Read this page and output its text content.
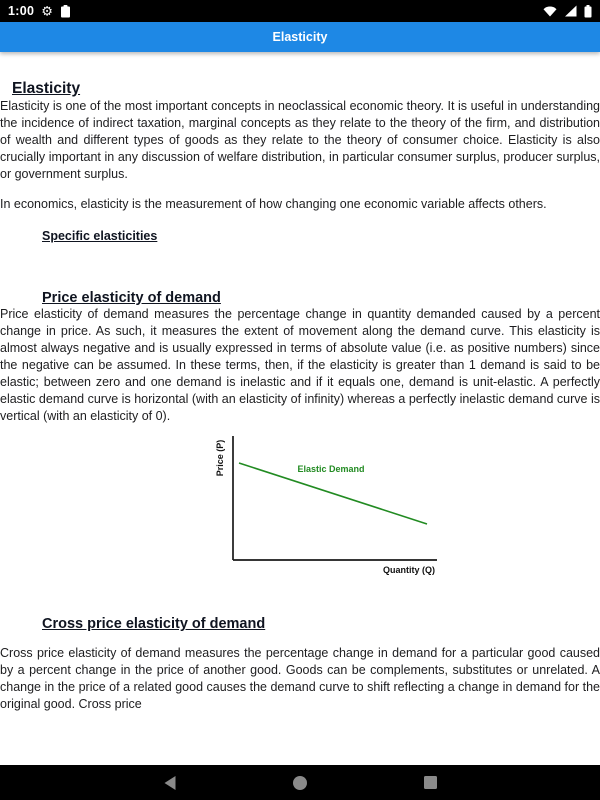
1:00 ⚙
Elasticity
Elasticity

Elasticity is one of the most important concepts in neoclassical economic theory. It is useful in understanding the incidence of indirect taxation, marginal concepts as they relate to the theory of the firm, and distribution of wealth and different types of goods as they relate to the theory of consumer choice. Elasticity is also crucially important in any discussion of welfare distribution, in particular consumer surplus, producer surplus, or government surplus.

In economics, elasticity is the measurement of how changing one economic variable affects others.

Specific elasticities
Price elasticity of demand

Price elasticity of demand measures the percentage change in quantity demanded caused by a percent change in price. As such, it measures the extent of movement along the demand curve. This elasticity is almost always negative and is usually expressed in terms of absolute value (i.e. as positive numbers) since the negative can be assumed. In these terms, then, if the elasticity is greater than 1 demand is said to be elastic; between zero and one demand is inelastic and if it equals one, demand is unit-elastic. A perfectly elastic demand curve is horizontal (with an elasticity of infinity) whereas a perfectly inelastic demand curve is vertical (with an elasticity of 0).

Price (P)	Elastic Demand
Quantity (Q)
Cross price elasticity of demand

Cross price elasticity of demand measures the percentage change in demand for a particular good caused by a percent change in the price of another good. Goods can be complements, substitutes or unrelated. A change in the price of a related good causes the demand curve to shift reflecting a change in demand for the original good. Cross price
